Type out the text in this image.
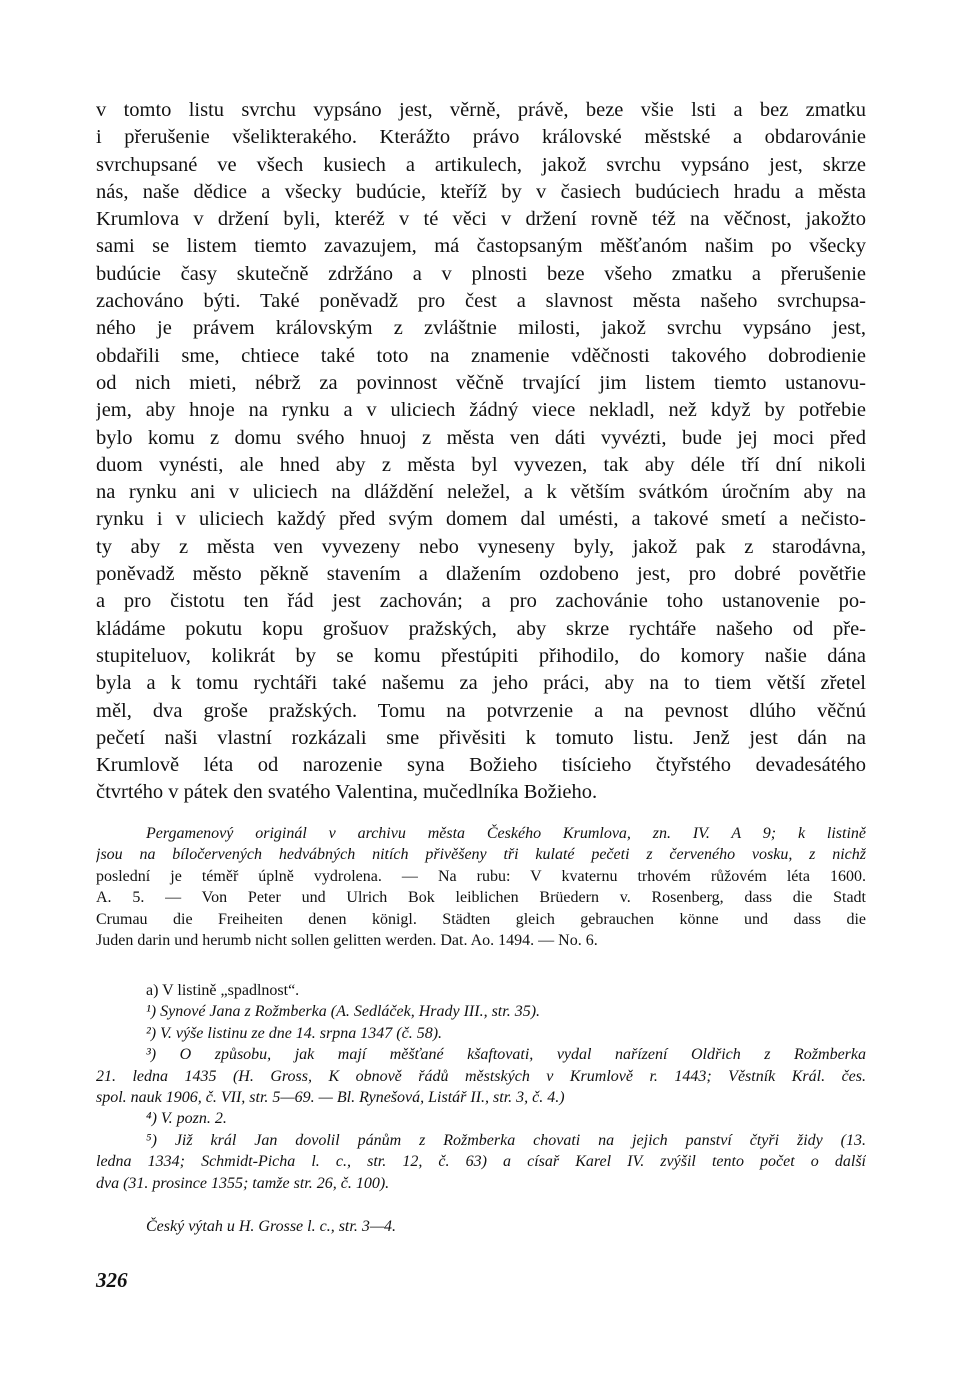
v tomto listu svrchu vypsáno jest, věrně, právě, beze všie lsti a bez zmatku
i přerušenie všelikterakého. Kterážto právo královské městské a obdarovánie
svrchupsané ve všech kusiech a artikulech, jakož svrchu vypsáno jest, skrze
nás, naše dědice a všecky budúcie, kteříž by v časiech budúciech hradu a města
Krumlova v držení byli, kteréž v té věci v držení rovně též na věčnost, jakožto
sami se listem tiemto zavazujem, má častopsaným měšťanóm našim po všecky
budúcie časy skutečně zdržáno a v plnosti beze všeho zmatku a přerušenie
zachováno býti. Také poněvadž pro čest a slavnost města našeho svrchupsa-
ného je právem královským z zvláštnie milosti, jakož svrchu vypsáno jest,
obdařili sme, chtiece také toto na znamenie vděčnosti takového dobrodienie
od nich mieti, nébrž za povinnost věčně trvající jim listem tiemto ustanovu-
jem, aby hnoje na rynku a v uliciech žádný viece nekladl, než když by potřebie
bylo komu z domu svého hnuoj z města ven dáti vyvézti, bude jej moci před
duom vynésti, ale hned aby z města byl vyvezen, tak aby déle tří dní nikoli
na rynku ani v uliciech na dláždění neležel, a k větším svátkóm úročním aby na
rynku i v uliciech každý před svým domem dal umésti, a takové smetí a nečisto-
ty aby z města ven vyvezeny nebo vyneseny byly, jakož pak z starodávna,
poněvadž město pěkně stavením a dlažením ozdobeno jest, pro dobré povětřie
a pro čistotu ten řád jest zachován; a pro zachovánie toho ustanovenie po-
kládáme pokutu kopu grošuov pražských, aby skrze rychtáře našeho od pře-
stupiteluov, kolikrát by se komu přestúpiti přihodilo, do komory našie dána
byla a k tomu rychtáři také našemu za jeho práci, aby na to tiem větší zřetel
měl, dva groše pražských. Tomu na potvrzenie a na pevnost dlúho věčnú
pečetí naši vlastní rozkázali sme přivěsiti k tomuto listu. Jenž jest dán na
Krumlově léta od narozenie syna Božieho tisícieho čtyřstého devadesátého
čtvrtého v pátek den svatého Valentina, mučedlníka Božieho.
Pergamenový originál v archivu města Českého Krumlova, zn. IV. A 9; k listině
jsou na bíločervených hedvábných nitích přivěšeny tři kulaté pečeti z červeného vosku, z nichž
poslední je téměř úplně vydrolena. — Na rubu: V kvaternu trhovém růžovém léta 1600.
A. 5. — Von Peter und Ulrich Bok leiblichen Brüedern v. Rosenberg, dass die Stadt
Crumau die Freiheiten denen königl. Städten gleich gebrauchen könne und dass die
Juden darin und herumb nicht sollen gelitten werden. Dat. Ao. 1494. — No. 6.
a) V listině „spadlnost“.
¹) Synové Jana z Rožmberka (A. Sedláček, Hrady III., str. 35).
²) V. výše listinu ze dne 14. srpna 1347 (č. 58).
³) O způsobu, jak mají měšťané kšaftovati, vydal nařízení Oldřich z Rožmberka
21. ledna 1435 (H. Gross, K obnově řádů městských v Krumlově r. 1443; Věstník Král. čes.
spol. nauk 1906, č. VII, str. 5—69. — Bl. Rynešová, Listář II., str. 3, č. 4.)
⁴) V. pozn. 2.
⁵) Již král Jan dovolil pánům z Rožmberka chovati na jejich panství čtyři židy (13.
ledna 1334; Schmidt-Picha l. c., str. 12, č. 63) a císař Karel IV. zvýšil tento počet o další
dva (31. prosince 1355; tamže str. 26, č. 100).
Český výtah u H. Grosse l. c., str. 3—4.
326
